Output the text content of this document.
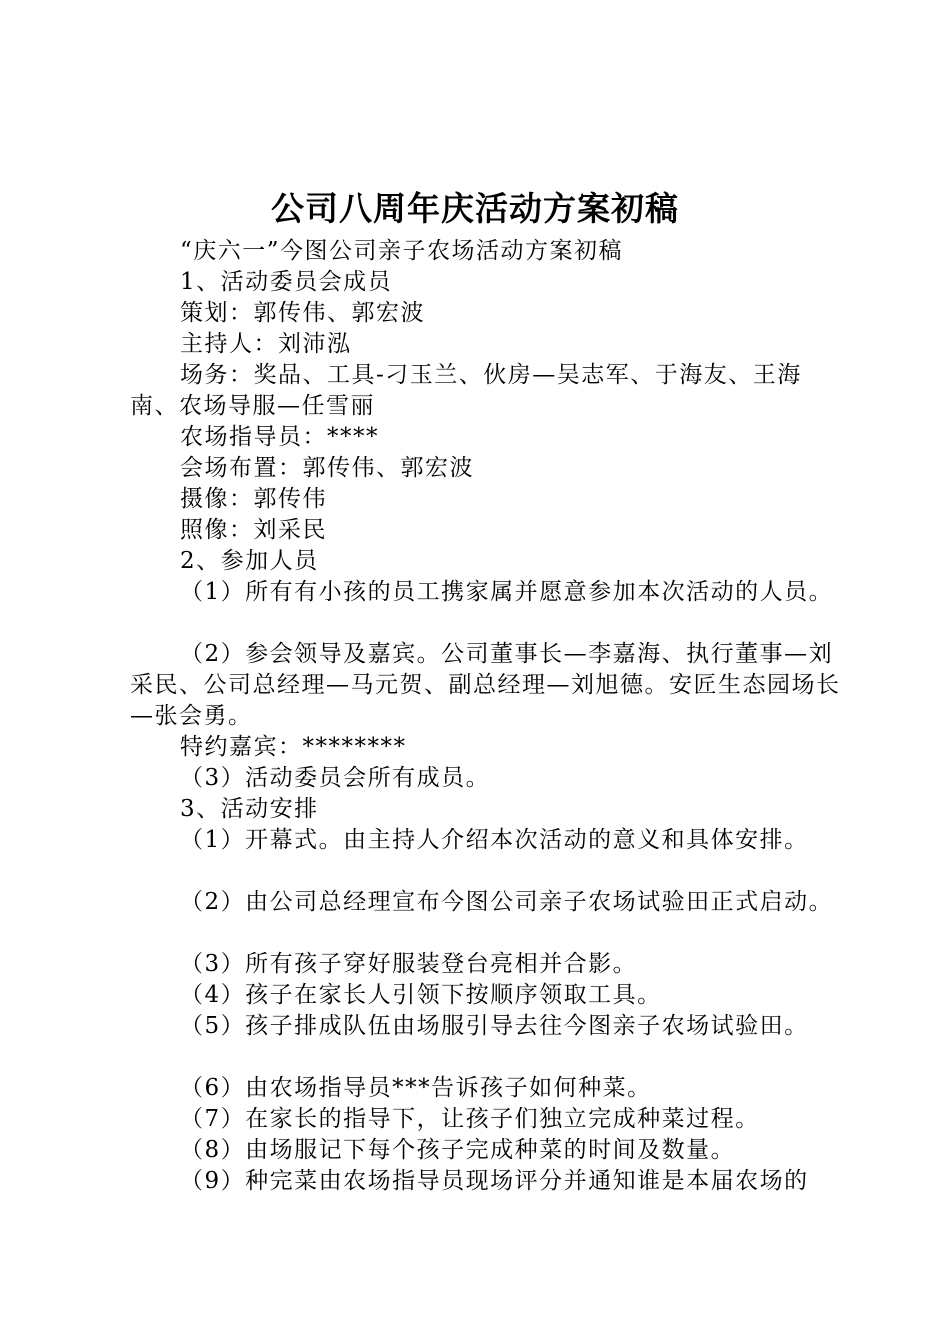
公司八周年庆活动方案初稿

“庆六一”今图公司亲子农场活动方案初稿

1、活动委员会成员

策划：郭传伟、郭宏波

主持人：刘沛泓

场务：奖品、工具-刁玉兰、伙房—吴志军、于海友、王海南、农场导服—任雪丽

农场指导员：****

会场布置：郭传伟、郭宏波

摄像：郭传伟

照像：刘采民

2、参加人员

（1）所有有小孩的员工携家属并愿意参加本次活动的人员。

（2）参会领导及嘉宾。公司董事长—李嘉海、执行董事—刘采民、公司总经理—马元贺、副总经理—刘旭德。安匠生态园场长—张会勇。

特约嘉宾：********

（3）活动委员会所有成员。

3、活动安排

（1）开幕式。由主持人介绍本次活动的意义和具体安排。

（2）由公司总经理宣布今图公司亲子农场试验田正式启动。

（3）所有孩子穿好服装登台亮相并合影。

（4）孩子在家长人引领下按顺序领取工具。

（5）孩子排成队伍由场服引导去往今图亲子农场试验田。

（6）由农场指导员***告诉孩子如何种菜。

（7）在家长的指导下，让孩子们独立完成种菜过程。

（8）由场服记下每个孩子完成种菜的时间及数量。

（9）种完菜由农场指导员现场评分并通知谁是本届农场的
